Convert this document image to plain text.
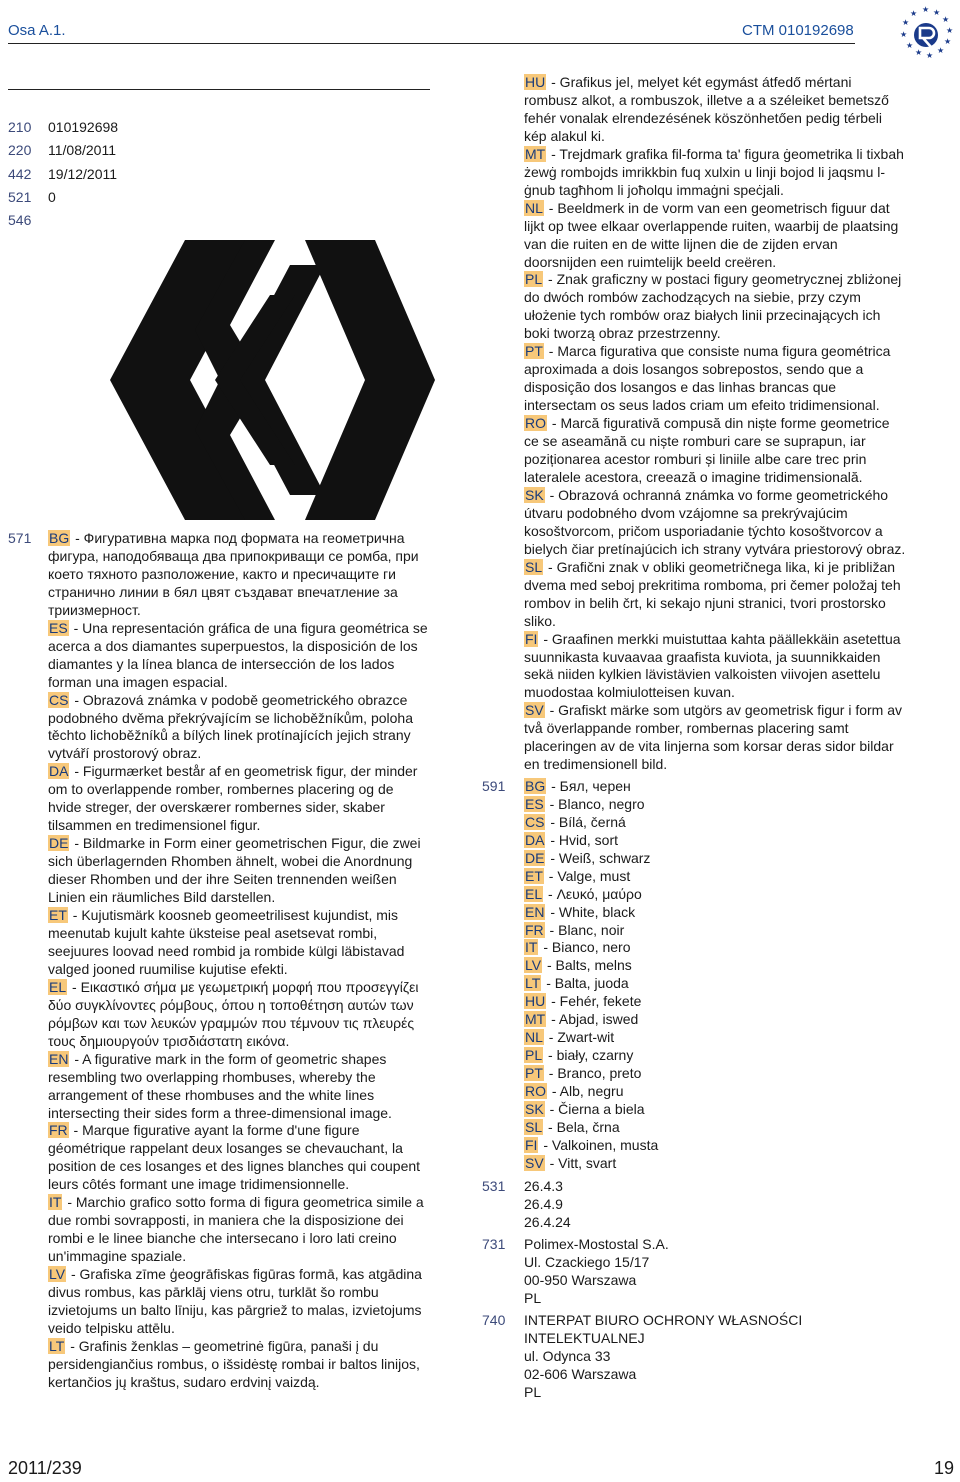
Osa A.1.	CTM 010192698
★ ★
★
★
★
★
★
★
★
★
★
★
210	010192698
220	11/08/2011
442	19/12/2011
521	0
546
571 BG - Фигуративна марка под формата на геометрична фигура, наподобяваща два припокриващи се ромба, при което тяхното разположение, както и пресичащите ги странично линии в бял цвят създават впечатление за триизмерност.

ES - Una representación gráfica de una figura geométrica se acerca a dos diamantes superpuestos, la disposición de los diamantes y la línea blanca de intersección de los lados forman una imagen espacial.

CS - Obrazová známka v podobě geometrického obrazce podobného dvěma překrývajícím se lichoběžníkům, poloha těchto lichoběžníků a bílých linek protínajících jejich strany vytváří prostorový obraz.

DA - Figurmærket består af en geometrisk figur, der minder om to overlappende romber, rombernes placering og de hvide streger, der overskærer rombernes sider, skaber tilsammen en tredimensionel figur.

DE - Bildmarke in Form einer geometrischen Figur, die zwei sich überlagernden Rhomben ähnelt, wobei die Anordnung dieser Rhomben und der ihre Seiten trennenden weißen Linien ein räumliches Bild darstellen.

ET - Kujutismärk koosneb geomeetrilisest kujundist, mis meenutab kujult kahte üksteise peal asetsevat rombi, seejuures loovad need rombid ja rombide külgi läbistavad valged jooned ruumilise kujutise efekti.

EL - Εικαστικό σήμα με γεωμετρική μορφή που προσεγγίζει δύο συγκλίνοντες ρόμβους, όπου η τοποθέτηση αυτών των ρόμβων και των λευκών γραμμών που τέμνουν τις πλευρές τους δημιουργούν τρισδιάστατη εικόνα.

EN - A figurative mark in the form of geometric shapes resembling two overlapping rhombuses, whereby the arrangement of these rhombuses and the white lines intersecting their sides form a three-dimensional image.

FR - Marque figurative ayant la forme d'une figure géométrique rappelant deux losanges se chevauchant, la position de ces losanges et des lignes blanches qui coupent leurs côtés formant une image tridimensionnelle.

IT - Marchio grafico sotto forma di figura geometrica simile a due rombi sovrapposti, in maniera che la disposizione dei rombi e le linee bianche che intersecano i loro lati creino un'immagine spaziale.

LV - Grafiska zīme ģeogrāfiskas figūras formā, kas atgādina divus rombus, kas pārklāj viens otru, turklāt šo rombu izvietojums un balto līniju, kas pārgriež to malas, izvietojums veido telpisku attēlu.

LT - Grafinis ženklas – geometrinė figūra, panaši į du persidengiančius rombus, o išsidėstę rombai ir baltos linijos, kertančios jų kraštus, sudaro erdvinį vaizdą.

HU - Grafikus jel, melyet két egymást átfedő mértani rombusz alkot, a rombuszok, illetve a a széleiket bemetsző fehér vonalak elrendezésének köszönhetően pedig térbeli kép alakul ki.

MT - Trejdmark grafika fil-forma ta' figura ġeometrika li tixbah żewġ rombojds imrikkbin fuq xulxin u linji bojod li jaqsmu l-ġnub tagħhom li joħolqu immaġni speċjali.

NL - Beeldmerk in de vorm van een geometrisch figuur dat lijkt op twee elkaar overlappende ruiten, waarbij de plaatsing van die ruiten en de witte lijnen die de zijden ervan doorsnijden een ruimtelijk beeld creëren.

PL - Znak graficzny w postaci figury geometrycznej zbliżonej do dwóch rombów zachodzących na siebie, przy czym ułożenie tych rombów oraz białych linii przecinających ich boki tworzą obraz przestrzenny.

PT - Marca figurativa que consiste numa figura geométrica aproximada a dois losangos sobrepostos, sendo que a disposição dos losangos e das linhas brancas que intersectam os seus lados criam um efeito tridimensional.

RO - Marcă figurativă compusă din niște forme geometrice ce se aseamănă cu niște romburi care se suprapun, iar poziționarea acestor romburi și liniile albe care trec prin lateralele acestora, creează o imagine tridimensională.

SK - Obrazová ochranná známka vo forme geometrického útvaru podobného dvom vzájomne sa prekrývajúcim kosoštvorcom, pričom usporiadanie týchto kosoštvorcov a bielych čiar pretínajúcich ich strany vytvára priestorový obraz.

SL - Grafični znak v obliki geometričnega lika, ki je približan dvema med seboj prekritima romboma, pri čemer položaj teh rombov in belih črt, ki sekajo njuni stranici, tvori prostorsko sliko.

FI - Graafinen merkki muistuttaa kahta päällekkäin asetettua suunnikasta kuvaavaa graafista kuviota, ja suunnikkaiden sekä niiden kylkien lävistävien valkoisten viivojen asettelu muodostaa kolmiulotteisen kuvan.

SV - Grafiskt märke som utgörs av geometrisk figur i form av två överlappande romber, rombernas placering samt placeringen av de vita linjerna som korsar deras sidor bildar en tredimensionell bild.

591 BG - Бял, черен
ES - Blanco, negro
CS - Bílá, černá
DA - Hvid, sort
DE - Weiß, schwarz
ET - Valge, must
EL - Λευκό, μαύρο
EN - White, black
FR - Blanc, noir
IT - Bianco, nero
LV - Balts, melns
LT - Balta, juoda
HU - Fehér, fekete
MT - Abjad, iswed
NL - Zwart-wit
PL - biały, czarny
PT - Branco, preto
RO - Alb, negru
SK - Čierna a biela
SL - Bela, črna
FI - Valkoinen, musta
SV - Vitt, svart
531 26.4.3
26.4.9
26.4.24
731 Polimex-Mostostal S.A.
Ul. Czackiego 15/17
00-950 Warszawa
PL
740 INTERPAT BIURO OCHRONY WŁASNOŚCI
INTELEKTUALNEJ
ul. Odynca 33
02-606 Warszawa
PL
2011/239	19
